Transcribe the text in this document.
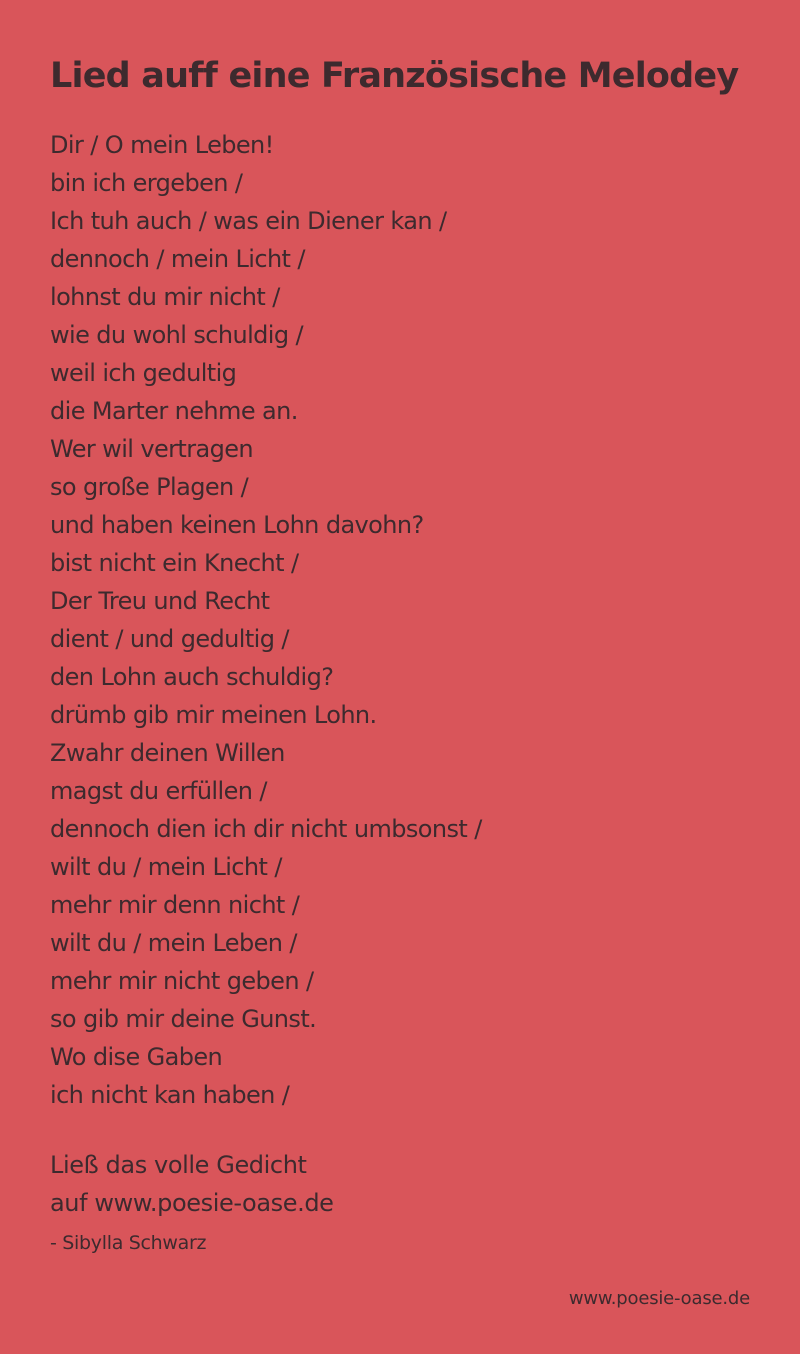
Lied auff eine Französische Melodey
Dir / O mein Leben!
bin ich ergeben /
Ich tuh auch / was ein Diener kan /
dennoch / mein Licht /
lohnst du mir nicht /
wie du wohl schuldig /
weil ich gedultig
die Marter nehme an.
Wer wil vertragen
so große Plagen /
und haben keinen Lohn davohn?
bist nicht ein Knecht /
Der Treu und Recht
dient / und gedultig /
den Lohn auch schuldig?
drümb gib mir meinen Lohn.
Zwahr deinen Willen
magst du erfüllen /
dennoch dien ich dir nicht umbsonst /
wilt du / mein Licht /
mehr mir denn nicht /
wilt du / mein Leben /
mehr mir nicht geben /
so gib mir deine Gunst.
Wo dise Gaben
ich nicht kan haben /
Ließ das volle Gedicht
auf www.poesie-oase.de
- Sibylla Schwarz
www.poesie-oase.de
